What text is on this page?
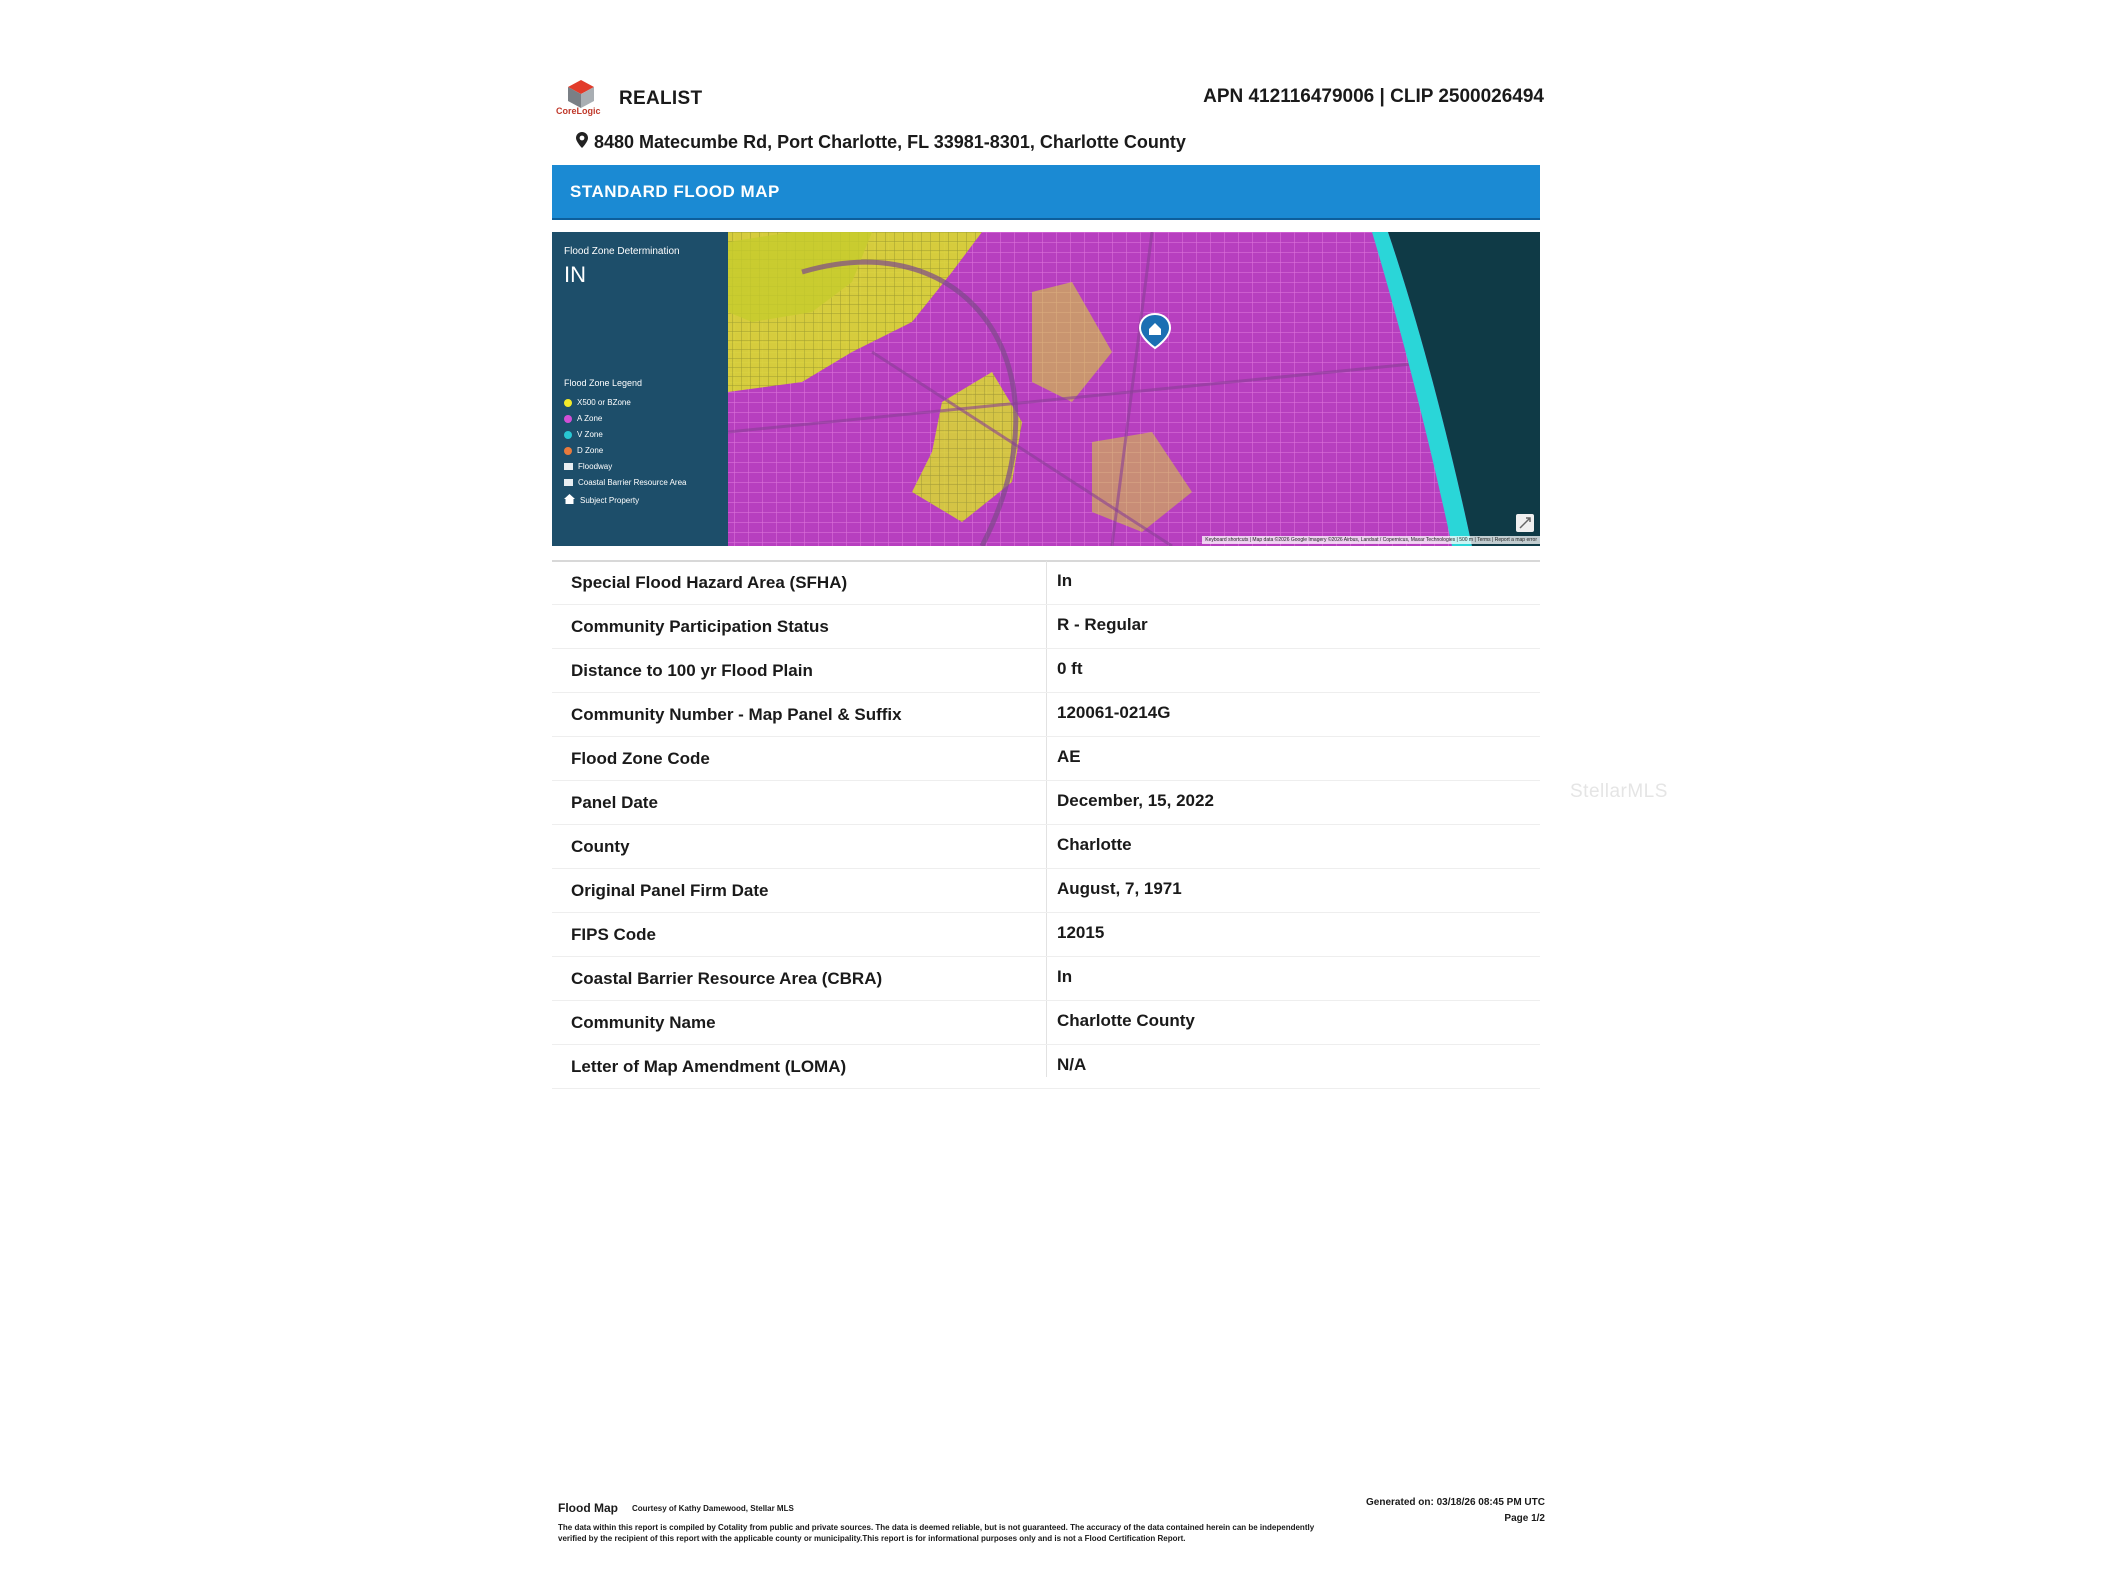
CoreLogic
REALIST	APN 412116479006 | CLIP 2500026494
8480 Matecumbe Rd, Port Charlotte, FL 33981-8301, Charlotte County
STANDARD FLOOD MAP
Flood Zone Determination
IN
Flood Zone Legend
X500 or BZone
A Zone
V Zone
D Zone
Floodway
Coastal Barrier Resource Area
Subject Property
Keyboard shortcuts | Map data ©2026 Google Imagery ©2026 Airbus, Landsat / Copernicus, Maxar Technologies | 500 m | Terms | Report a map error
Special Flood Hazard Area (SFHA)	In
Community Participation Status	R - Regular
Distance to 100 yr Flood Plain	0 ft
Community Number - Map Panel & Suffix	120061-0214G
Flood Zone Code	AE
Panel Date	December, 15, 2022
County	Charlotte
Original Panel Firm Date	August, 7, 1971
FIPS Code	12015
Coastal Barrier Resource Area (CBRA)	In
Community Name	Charlotte County
Letter of Map Amendment (LOMA)	N/A
StellarMLS
Flood Map Courtesy of Kathy Damewood, Stellar MLS
The data within this report is compiled by Cotality from public and private sources. The data is deemed reliable, but is not guaranteed. The accuracy of the data contained herein can be independently verified by the recipient of this report with the applicable county or municipality.This report is for informational purposes only and is not a Flood Certification Report.
Generated on: 03/18/26 08:45 PM UTC
Page 1/2
